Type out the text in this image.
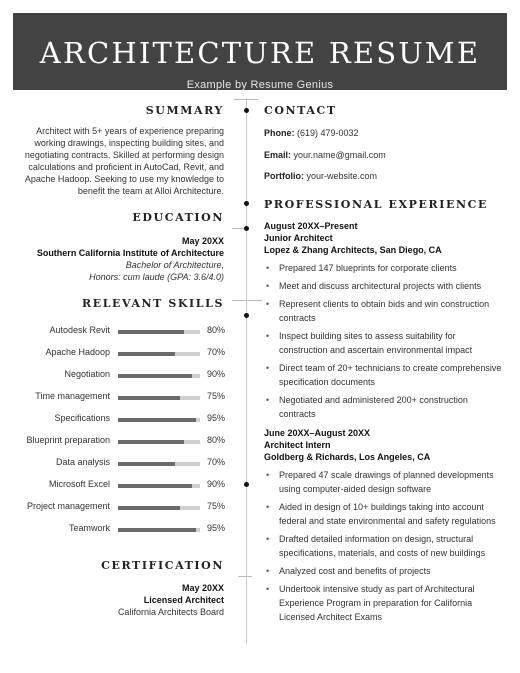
ARCHITECTURE RESUME
Example by Resume Genius
SUMMARY
Architect with 5+ years of experience preparing
working drawings, inspecting building sites, and
negotiating contracts. Skilled at performing design
calculations and proficient in AutoCad, Revit, and
Apache Hadoop. Seeking to use my knowledge to
benefit the team at Alloi Architecture.
EDUCATION
May 20XX
Southern California Institute of Architecture
Bachelor of Architecture,
Honors: cum laude (GPA: 3.6/4.0)
RELEVANT SKILLS
Autodesk Revit	80%
Apache Hadoop	70%
Negotiation	90%
Time management	75%
Specifications	95%
Blueprint preparation	80%
Data analysis	70%
Microsoft Excel	90%
Project management	75%
Teamwork	95%
CERTIFICATION
May 20XX
Licensed Architect
California Architects Board
CONTACT
Phone: (619) 479-0032
Email: your.name@gmail.com
Portfolio: your-website.com
PROFESSIONAL EXPERIENCE
August 20XX–Present
Junior Architect
Lopez & Zhang Architects, San Diego, CA
• Prepared 147 blueprints for corporate clients
• Meet and discuss architectural projects with clients
• Represent clients to obtain bids and win construction contracts
• Inspect building sites to assess suitability for construction and ascertain environmental impact
• Direct team of 20+ technicians to create comprehensive specification documents
• Negotiated and administered 200+ construction contracts
June 20XX–August 20XX
Architect Intern
Goldberg & Richards, Los Angeles, CA
• Prepared 47 scale drawings of planned developments using computer-aided design software
• Aided in design of 10+ buildings taking into account federal and state environmental and safety regulations
• Drafted detailed information on design, structural specifications, materials, and costs of new buildings
• Analyzed cost and benefits of projects
• Undertook intensive study as part of Architectural Experience Program in preparation for California Licensed Architect Exams
